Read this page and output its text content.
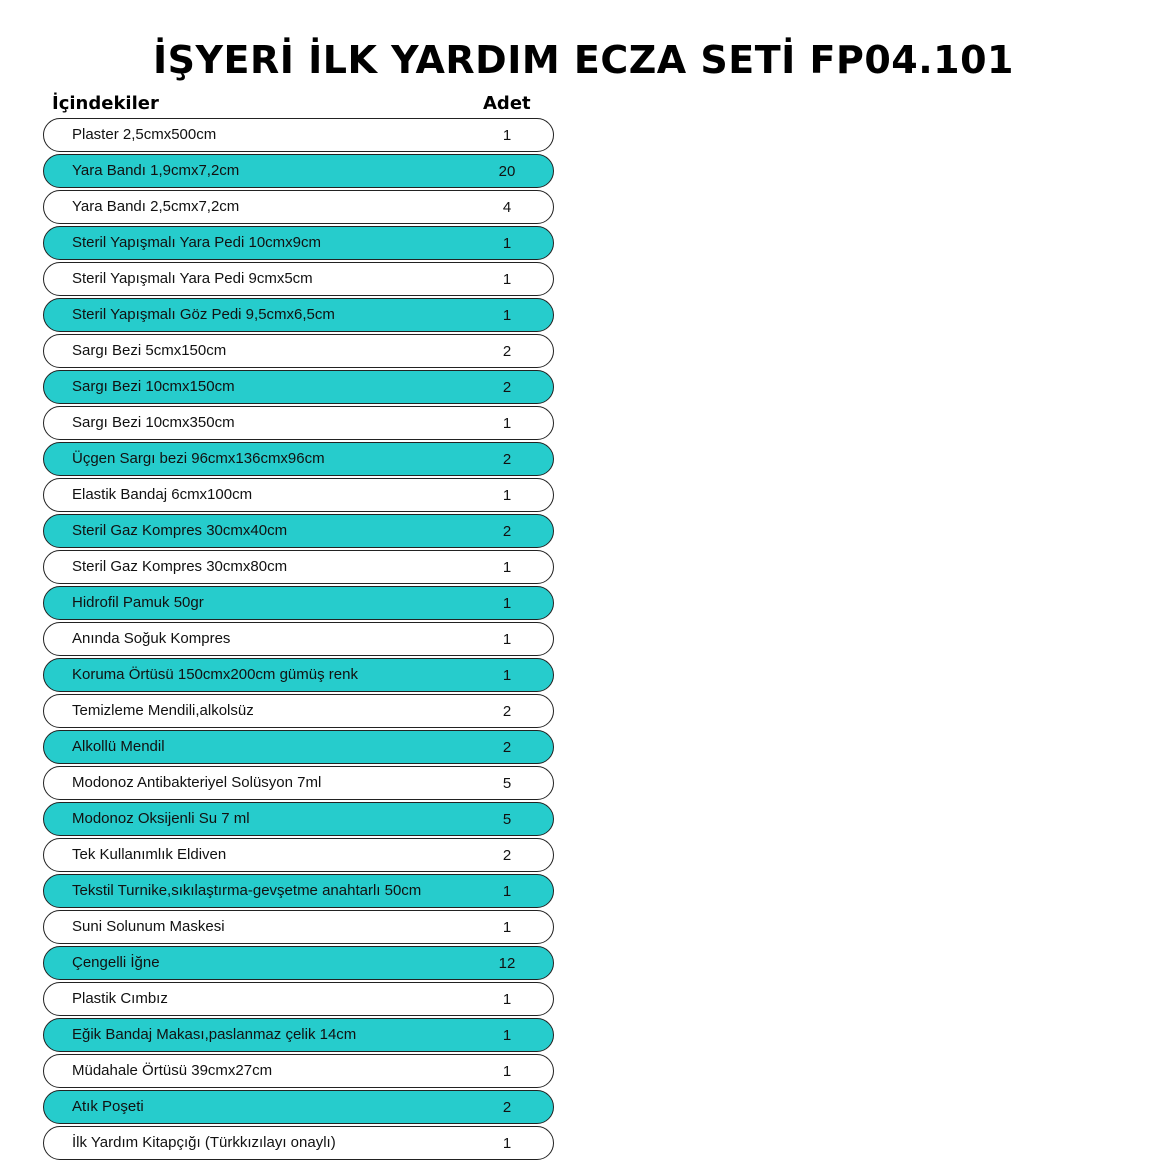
İŞYERİ İLK YARDIM ECZA SETİ FP04.101
İçindekiler	Adet
Plaster 2,5cmx500cm	1
Yara Bandı 1,9cmx7,2cm	20
Yara Bandı 2,5cmx7,2cm	4
Steril Yapışmalı Yara Pedi 10cmx9cm	1
Steril Yapışmalı Yara Pedi 9cmx5cm	1
Steril Yapışmalı Göz Pedi 9,5cmx6,5cm	1
Sargı Bezi 5cmx150cm	2
Sargı Bezi 10cmx150cm	2
Sargı Bezi 10cmx350cm	1
Üçgen Sargı bezi 96cmx136cmx96cm	2
Elastik Bandaj 6cmx100cm	1
Steril Gaz Kompres 30cmx40cm	2
Steril Gaz Kompres 30cmx80cm	1
Hidrofil Pamuk 50gr	1
Anında Soğuk Kompres	1
Koruma Örtüsü 150cmx200cm gümüş renk	1
Temizleme Mendili,alkolsüz	2
Alkollü Mendil	2
Modonoz Antibakteriyel Solüsyon 7ml	5
Modonoz Oksijenli Su 7 ml	5
Tek Kullanımlık Eldiven	2
Tekstil Turnike,sıkılaştırma-gevşetme anahtarlı 50cm	1
Suni Solunum Maskesi	1
Çengelli İğne	12
Plastik Cımbız	1
Eğik Bandaj Makası,paslanmaz çelik 14cm	1
Müdahale Örtüsü 39cmx27cm	1
Atık Poşeti	2
İlk Yardım Kitapçığı (Türkkızılayı onaylı)	1
